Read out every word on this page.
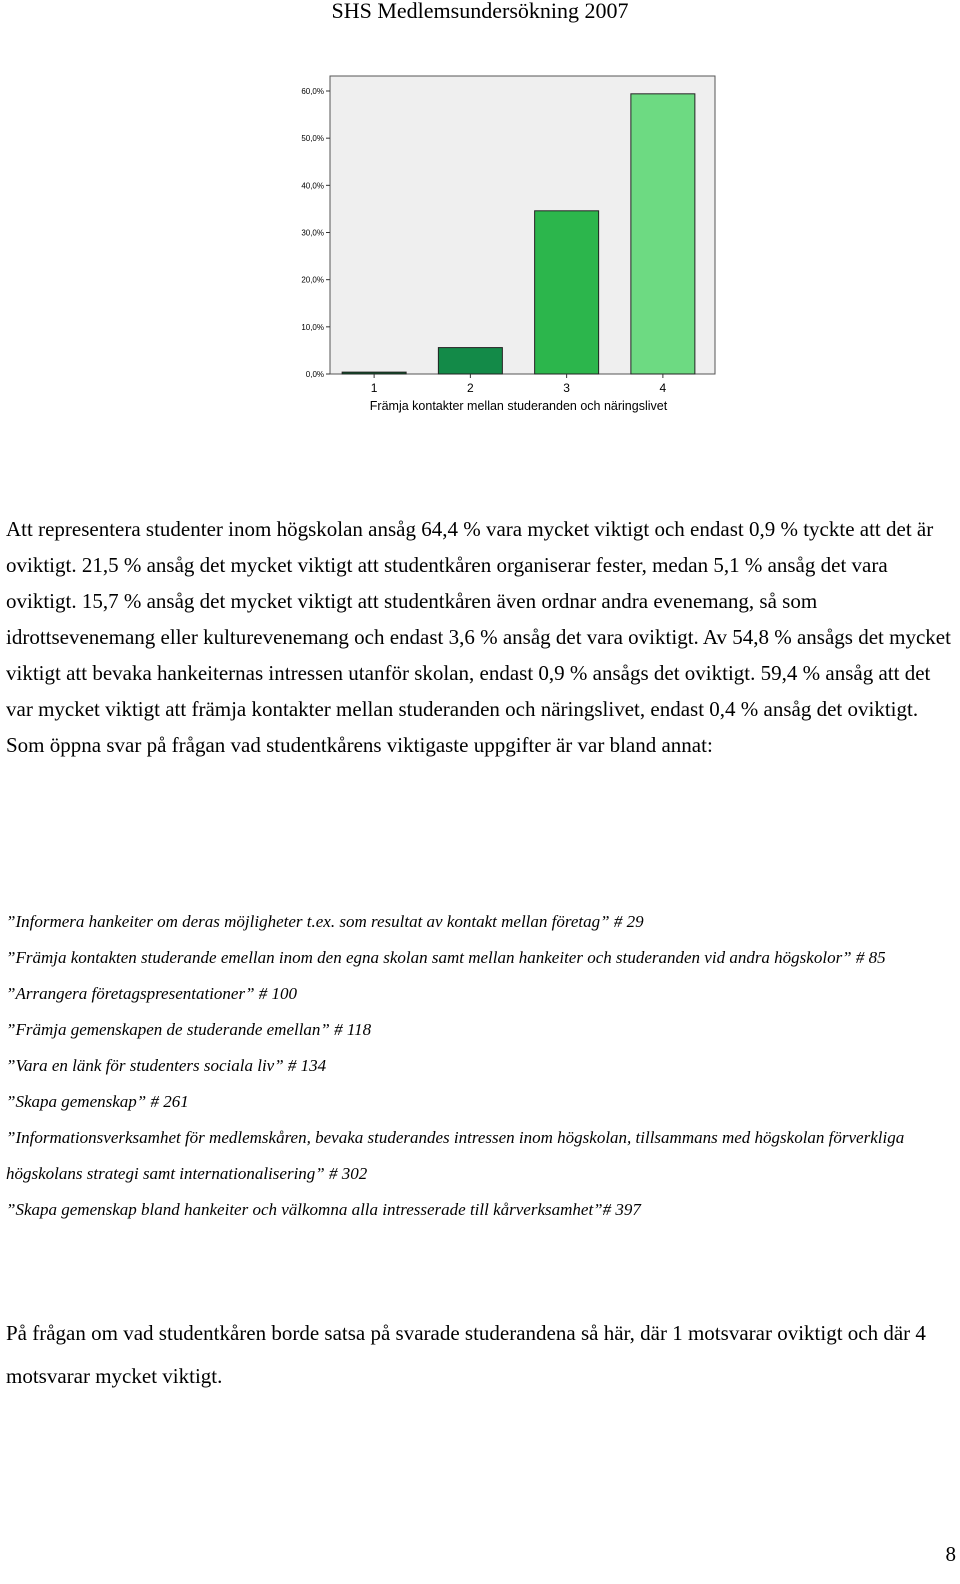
SHS Medlemsundersökning 2007
0,0%
10,0%
20,0%
30,0%
40,0%
50,0%
60,0%
1	2	3	4
Främja kontakter mellan studeranden och näringslivet

Att representera studenter inom högskolan ansåg 64,4 % vara mycket viktigt och endast 0,9 % tyckte att det är oviktigt. 21,5 % ansåg det mycket viktigt att studentkåren organiserar fester, medan 5,1 % ansåg det vara oviktigt. 15,7 % ansåg det mycket viktigt att studentkåren även ordnar andra evenemang, så som idrottsevenemang eller kulturevenemang och endast 3,6 % ansåg det vara oviktigt. Av 54,8 % ansågs det mycket viktigt att bevaka hankeiternas intressen utanför skolan, endast 0,9 % ansågs det oviktigt. 59,4 % ansåg att det var mycket viktigt att främja kontakter mellan studeranden och näringslivet, endast 0,4 % ansåg det oviktigt. Som öppna svar på frågan vad studentkårens viktigaste uppgifter är var bland annat:

”Informera hankeiter om deras möjligheter t.ex. som resultat av kontakt mellan företag” # 29
”Främja kontakten studerande emellan inom den egna skolan samt mellan hankeiter och studeranden vid andra högskolor” # 85
”Arrangera företagspresentationer” # 100
”Främja gemenskapen de studerande emellan” # 118
”Vara en länk för studenters sociala liv” # 134
”Skapa gemenskap” # 261
”Informationsverksamhet för medlemskåren, bevaka studerandes intressen inom högskolan, tillsammans med högskolan förverkliga högskolans strategi samt internationalisering” # 302
”Skapa gemenskap bland hankeiter och välkomna alla intresserade till kårverksamhet”# 397

På frågan om vad studentkåren borde satsa på svarade studerandena så här, där 1 motsvarar oviktigt och där 4 motsvarar mycket viktigt.

8
